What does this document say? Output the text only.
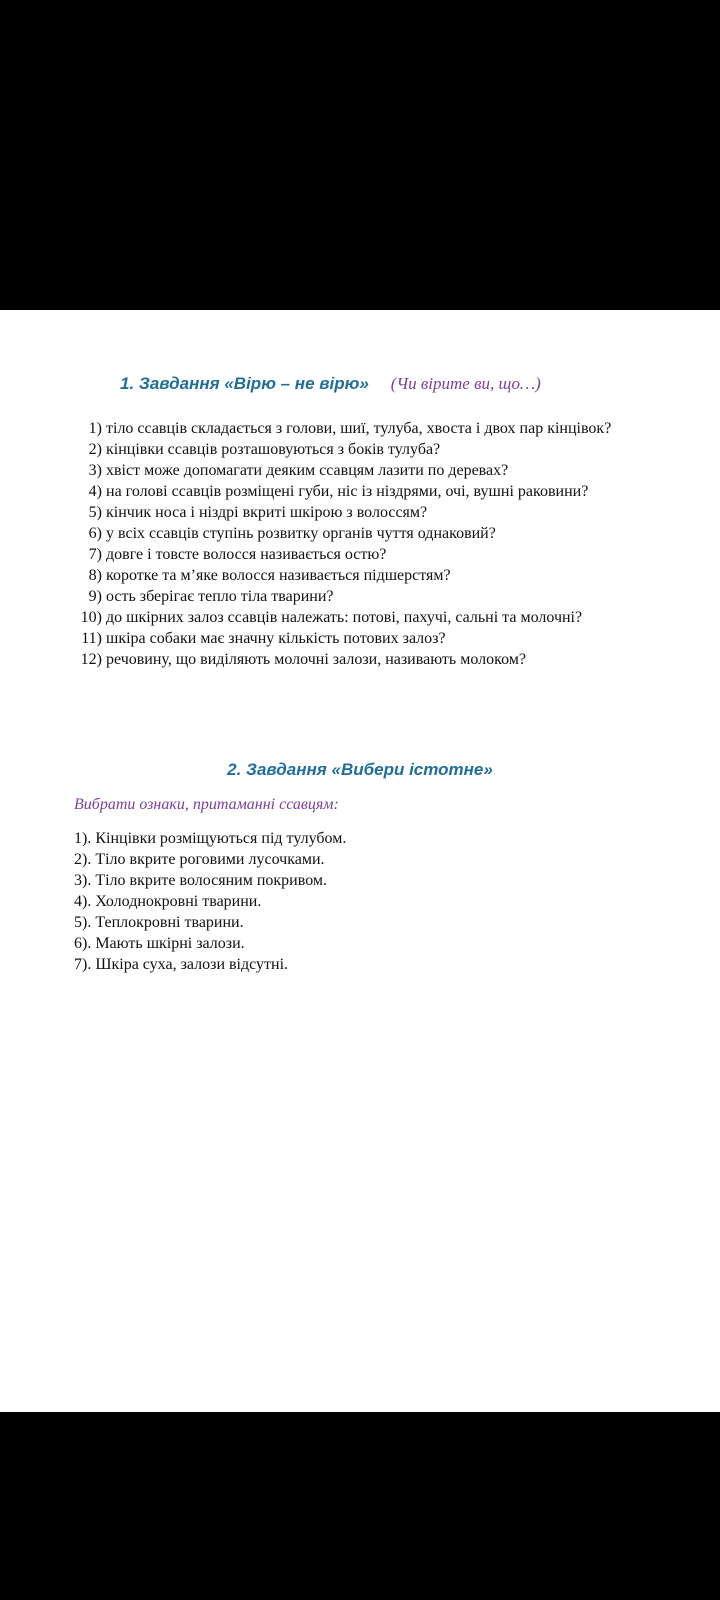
1. Завдання «Вірю – не вірю» (Чи вірите ви, що…)
1) тіло ссавців складається з голови, шиї, тулуба, хвоста і двох пар кінцівок?
2) кінцівки ссавців розташовуються з боків тулуба?
3) хвіст може допомагати деяким ссавцям лазити по деревах?
4) на голові ссавців розміщені губи, ніс із ніздрями, очі, вушні раковини?
5) кінчик носа і ніздрі вкриті шкірою з волоссям?
6) у всіх ссавців ступінь розвитку органів чуття однаковий?
7) довге і товсте волосся називається остю?
8) коротке та м’яке волосся називається підшерстям?
9) ость зберігає тепло тіла тварини?
10) до шкірних залоз ссавців належать: потові, пахучі, сальні та молочні?
11) шкіра собаки має значну кількість потових залоз?
12) речовину, що виділяють молочні залози, називають молоком?
2. Завдання «Вибери істотне»
Вибрати ознаки, притаманні ссавцям:
1). Кінцівки розміщуються під тулубом.
2). Тіло вкрите роговими лусочками.
3). Тіло вкрите волосяним покривом.
4). Холоднокровні тварини.
5). Теплокровні тварини.
6). Мають шкірні залози.
7). Шкіра суха, залози відсутні.
